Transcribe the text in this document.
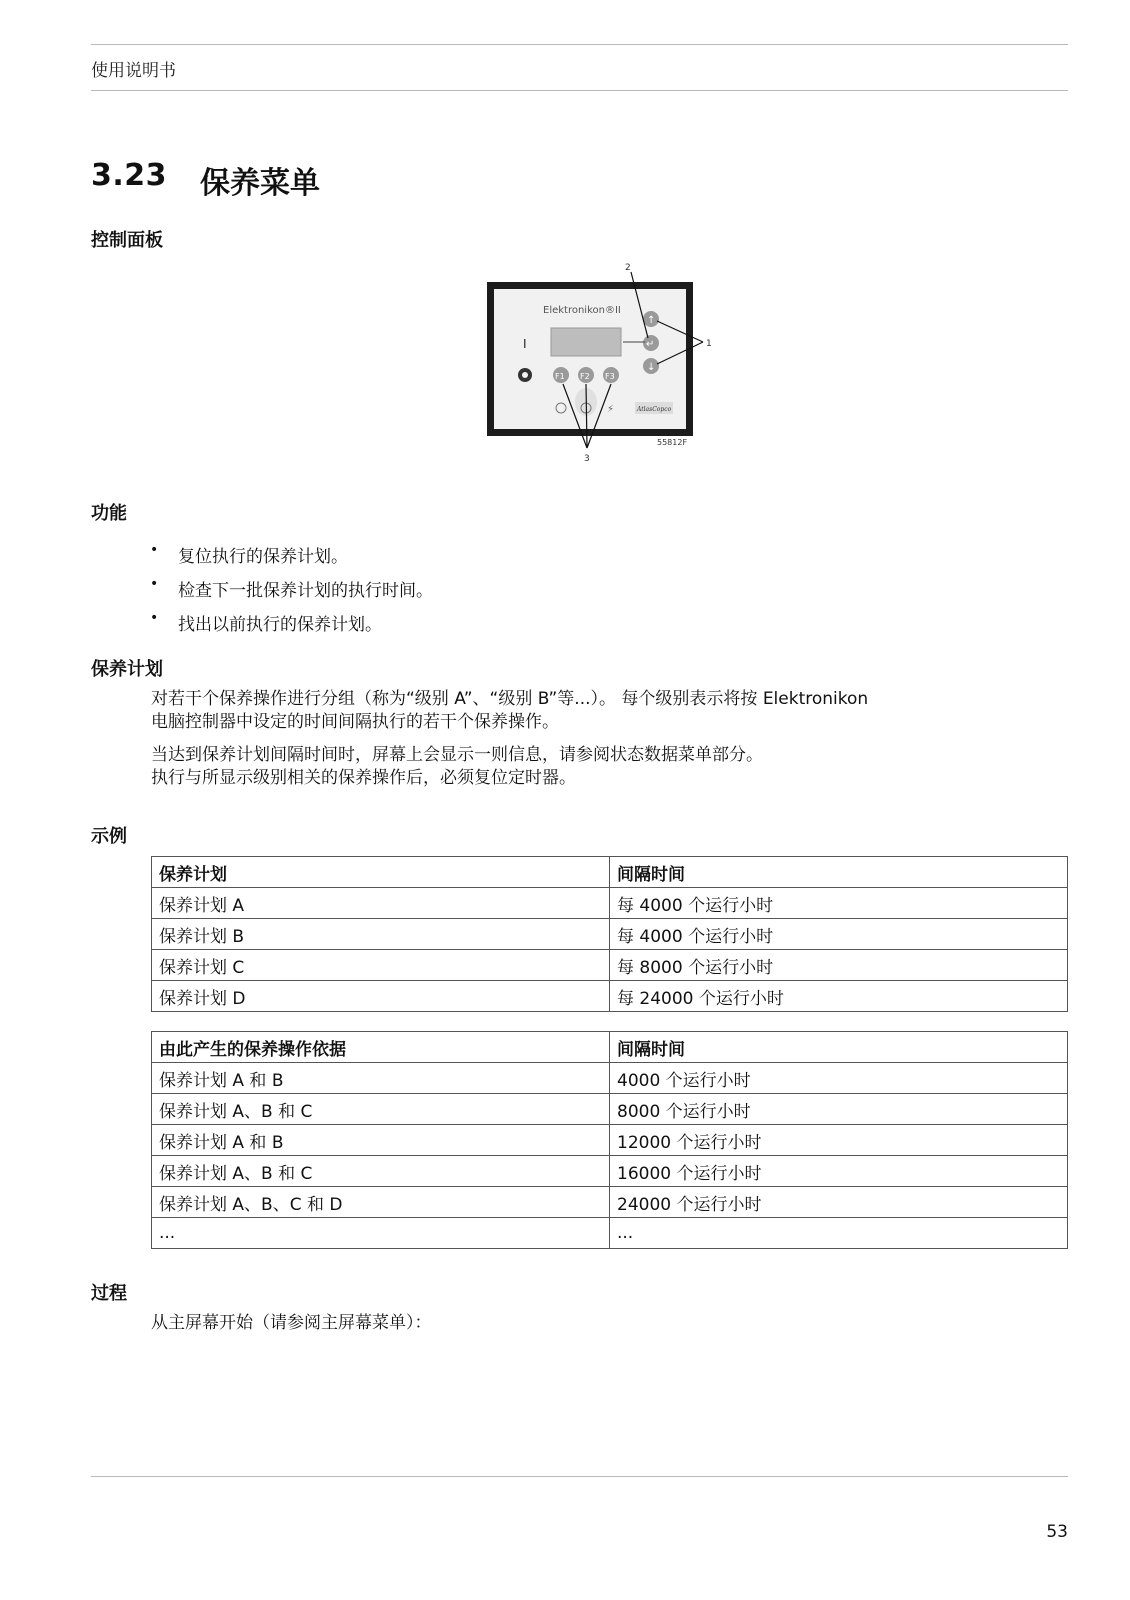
使用说明书
3.23 保养菜单
控制面板
Elektronikon®II
I
F1 F2 F3
⚡	AtlasCopco
↑
↵
↓
2
1
3
55812F
功能
•	复位执行的保养计划。
•	检查下一批保养计划的执行时间。
•	找出以前执行的保养计划。
保养计划
对若干个保养操作进行分组（称为“级别 A”、“级别 B”等...）。 每个级别表示将按 Elektronikon
电脑控制器中设定的时间间隔执行的若干个保养操作。
当达到保养计划间隔时间时，屏幕上会显示一则信息，请参阅状态数据菜单部分。
执行与所显示级别相关的保养操作后，必须复位定时器。
示例
保养计划	间隔时间
保养计划 A	每 4000 个运行小时
保养计划 B	每 4000 个运行小时
保养计划 C	每 8000 个运行小时
保养计划 D	每 24000 个运行小时
由此产生的保养操作依据	间隔时间
保养计划 A 和 B	4000 个运行小时
保养计划 A、B 和 C	8000 个运行小时
保养计划 A 和 B	12000 个运行小时
保养计划 A、B 和 C	16000 个运行小时
保养计划 A、B、C 和 D	24000 个运行小时
...	...
过程
从主屏幕开始（请参阅主屏幕菜单）：
53
